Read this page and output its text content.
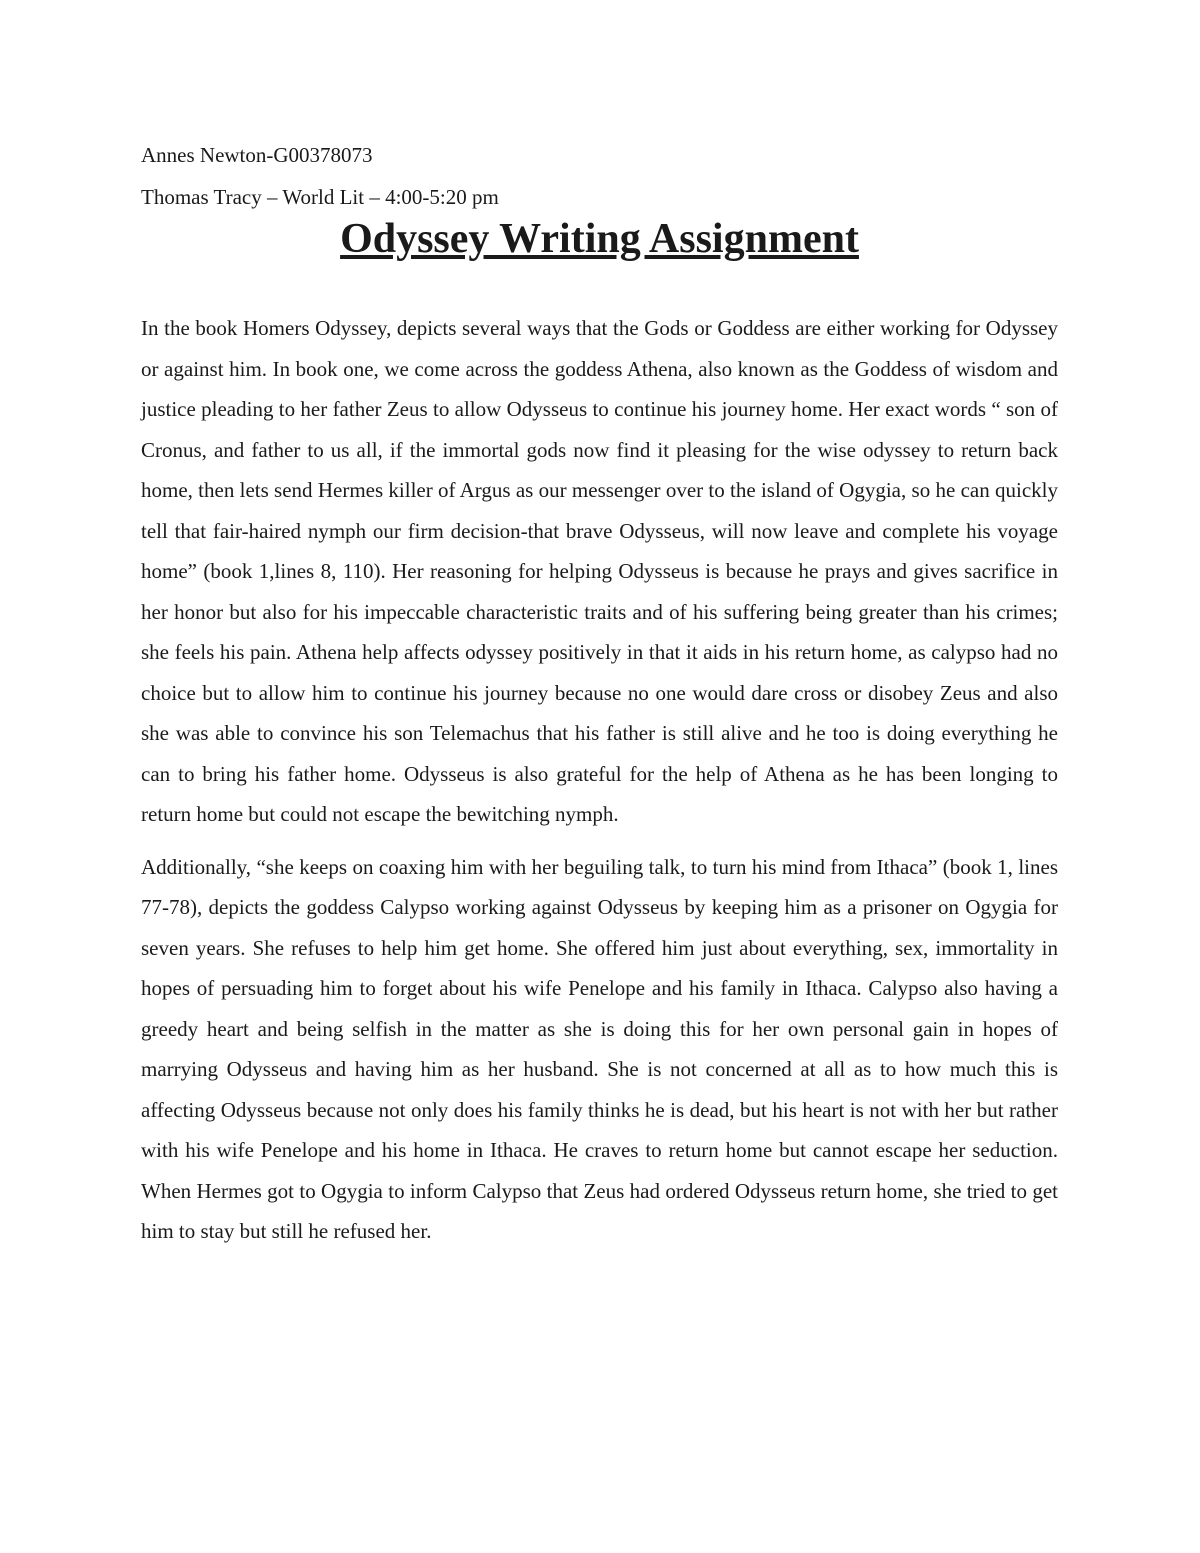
Annes Newton-G00378073

Thomas Tracy – World Lit – 4:00-5:20 pm

Odyssey Writing Assignment

In the book Homers Odyssey, depicts several ways that the Gods or Goddess are either working for Odyssey or against him. In book one, we come across the goddess Athena, also known as the Goddess of wisdom and justice pleading to her father Zeus to allow Odysseus to continue his journey home. Her exact words “ son of Cronus, and father to us all, if the immortal gods now find it pleasing for the wise odyssey to return back home, then lets send Hermes killer of Argus as our messenger over to the island of Ogygia, so he can quickly tell that fair-haired nymph our firm decision-that brave Odysseus, will now leave and complete his voyage home” (book 1,lines 8, 110). Her reasoning for helping Odysseus is because he prays and gives sacrifice in her honor but also for his impeccable characteristic traits and of his suffering being greater than his crimes; she feels his pain. Athena help affects odyssey positively in that it aids in his return home, as calypso had no choice but to allow him to continue his journey because no one would dare cross or disobey Zeus and also she was able to convince his son Telemachus that his father is still alive and he too is doing everything he can to bring his father home. Odysseus is also grateful for the help of Athena as he has been longing to return home but could not escape the bewitching nymph.

Additionally, “she keeps on coaxing him with her beguiling talk, to turn his mind from Ithaca” (book 1, lines 77-78), depicts the goddess Calypso working against Odysseus by keeping him as a prisoner on Ogygia for seven years. She refuses to help him get home. She offered him just about everything, sex, immortality in hopes of persuading him to forget about his wife Penelope and his family in Ithaca. Calypso also having a greedy heart and being selfish in the matter as she is doing this for her own personal gain in hopes of marrying Odysseus and having him as her husband. She is not concerned at all as to how much this is affecting Odysseus because not only does his family thinks he is dead, but his heart is not with her but rather with his wife Penelope and his home in Ithaca. He craves to return home but cannot escape her seduction. When Hermes got to Ogygia to inform Calypso that Zeus had ordered Odysseus return home, she tried to get him to stay but still he refused her.
